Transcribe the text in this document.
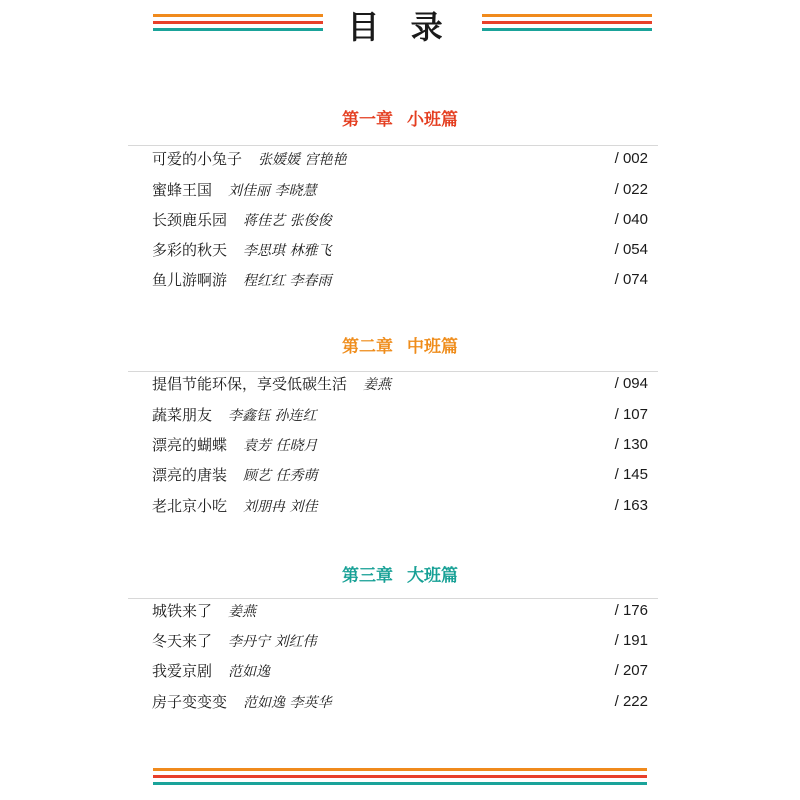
目 录
第一章 小班篇
可爱的小兔子 张媛媛 宫艳艳	/ 002
蜜蜂王国 刘佳丽 李晓慧	/ 022
长颈鹿乐园 蒋佳艺 张俊俊	/ 040
多彩的秋天 李思琪 林雅飞	/ 054
鱼儿游啊游 程红红 李春雨	/ 074
第二章 中班篇
提倡节能环保，享受低碳生活 姜燕	/ 094
蔬菜朋友 李鑫钰 孙连红	/ 107
漂亮的蝴蝶 袁芳 任晓月	/ 130
漂亮的唐装 顾艺 任秀萌	/ 145
老北京小吃 刘朋冉 刘佳	/ 163
第三章 大班篇
城铁来了 姜燕	/ 176
冬天来了 李丹宁 刘红伟	/ 191
我爱京剧 范如逸	/ 207
房子变变变 范如逸 李英华	/ 222
